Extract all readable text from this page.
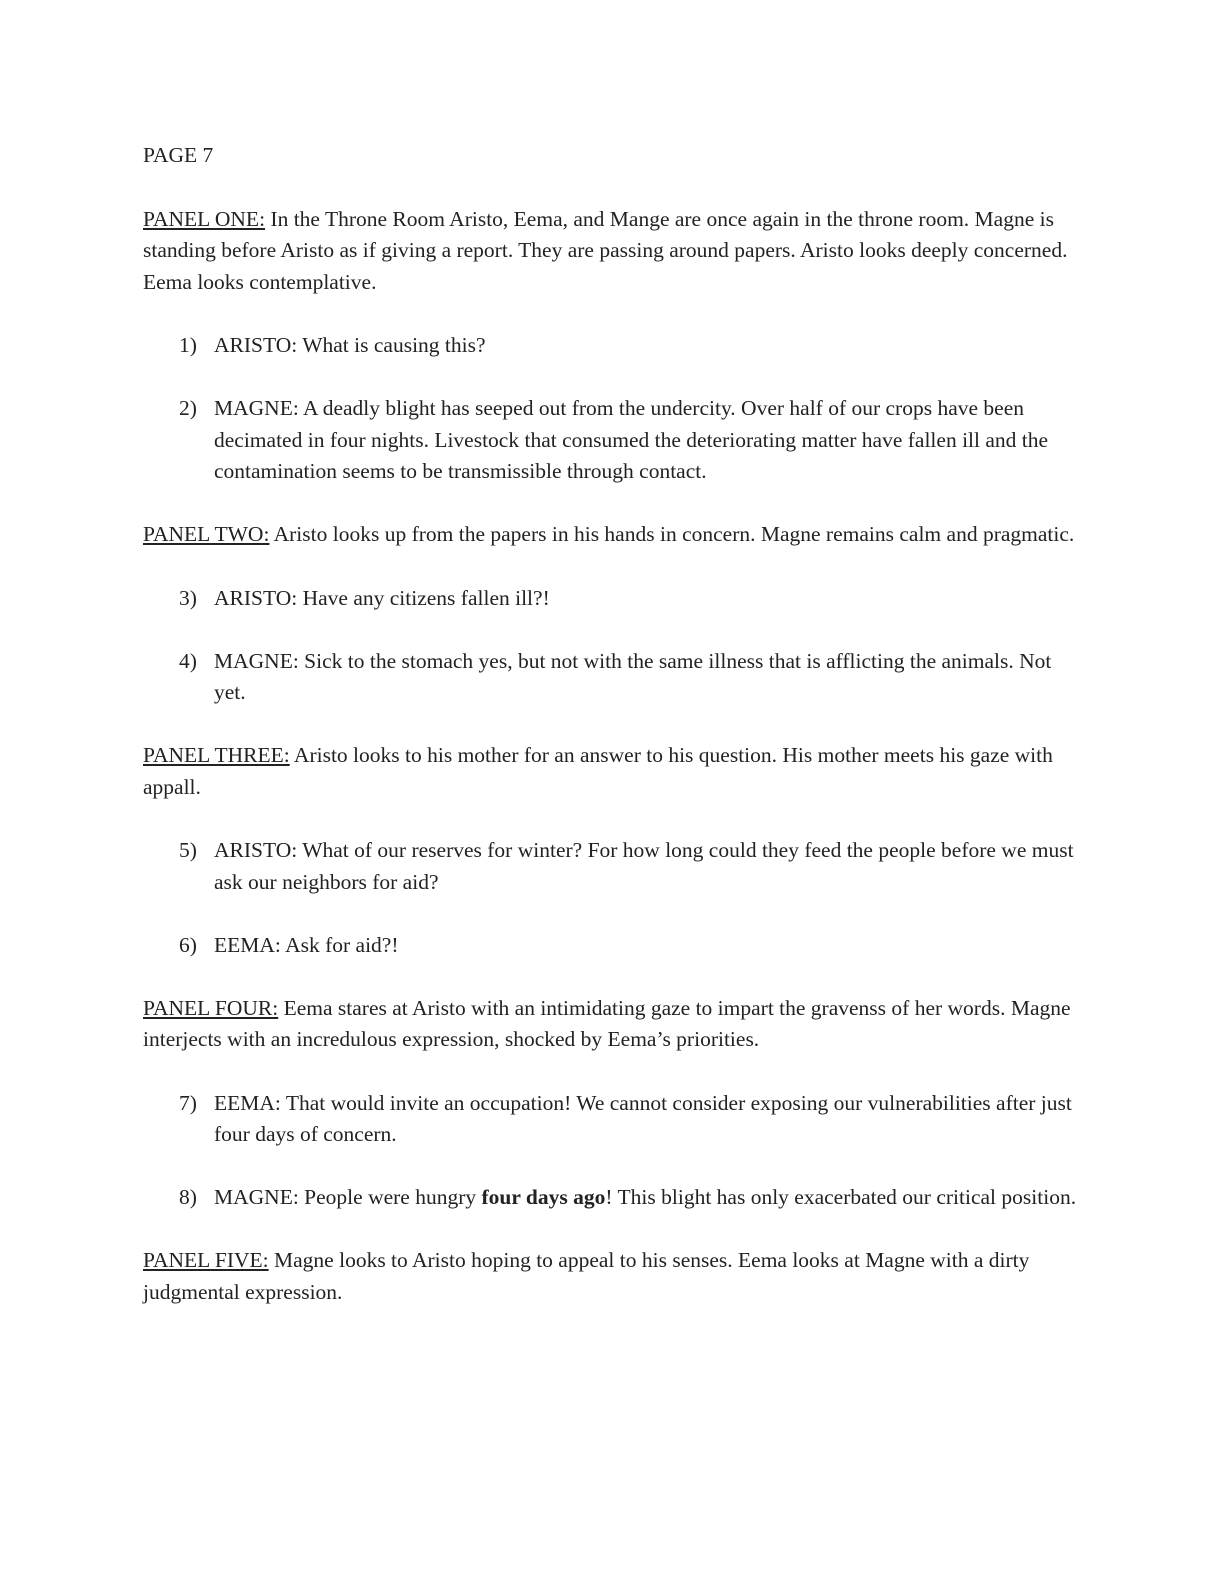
PAGE 7

PANEL ONE: In the Throne Room Aristo, Eema, and Mange are once again in the throne room. Magne is standing before Aristo as if giving a report. They are passing around papers. Aristo looks deeply concerned. Eema looks contemplative.

1) ARISTO: What is causing this?
2) MAGNE: A deadly blight has seeped out from the undercity. Over half of our crops have been decimated in four nights. Livestock that consumed the deteriorating matter have fallen ill and the contamination seems to be transmissible through contact.

PANEL TWO: Aristo looks up from the papers in his hands in concern. Magne remains calm and pragmatic.

3) ARISTO: Have any citizens fallen ill?!
4) MAGNE: Sick to the stomach yes, but not with the same illness that is afflicting the animals. Not yet.

PANEL THREE: Aristo looks to his mother for an answer to his question. His mother meets his gaze with appall.

5) ARISTO: What of our reserves for winter? For how long could they feed the people before we must ask our neighbors for aid?
6) EEMA: Ask for aid?!

PANEL FOUR: Eema stares at Aristo with an intimidating gaze to impart the gravenss of her words. Magne interjects with an incredulous expression, shocked by Eema’s priorities.

7) EEMA: That would invite an occupation! We cannot consider exposing our vulnerabilities after just four days of concern.
8) MAGNE: People were hungry four days ago! This blight has only exacerbated our critical position.

PANEL FIVE: Magne looks to Aristo hoping to appeal to his senses. Eema looks at Magne with a dirty judgmental expression.
